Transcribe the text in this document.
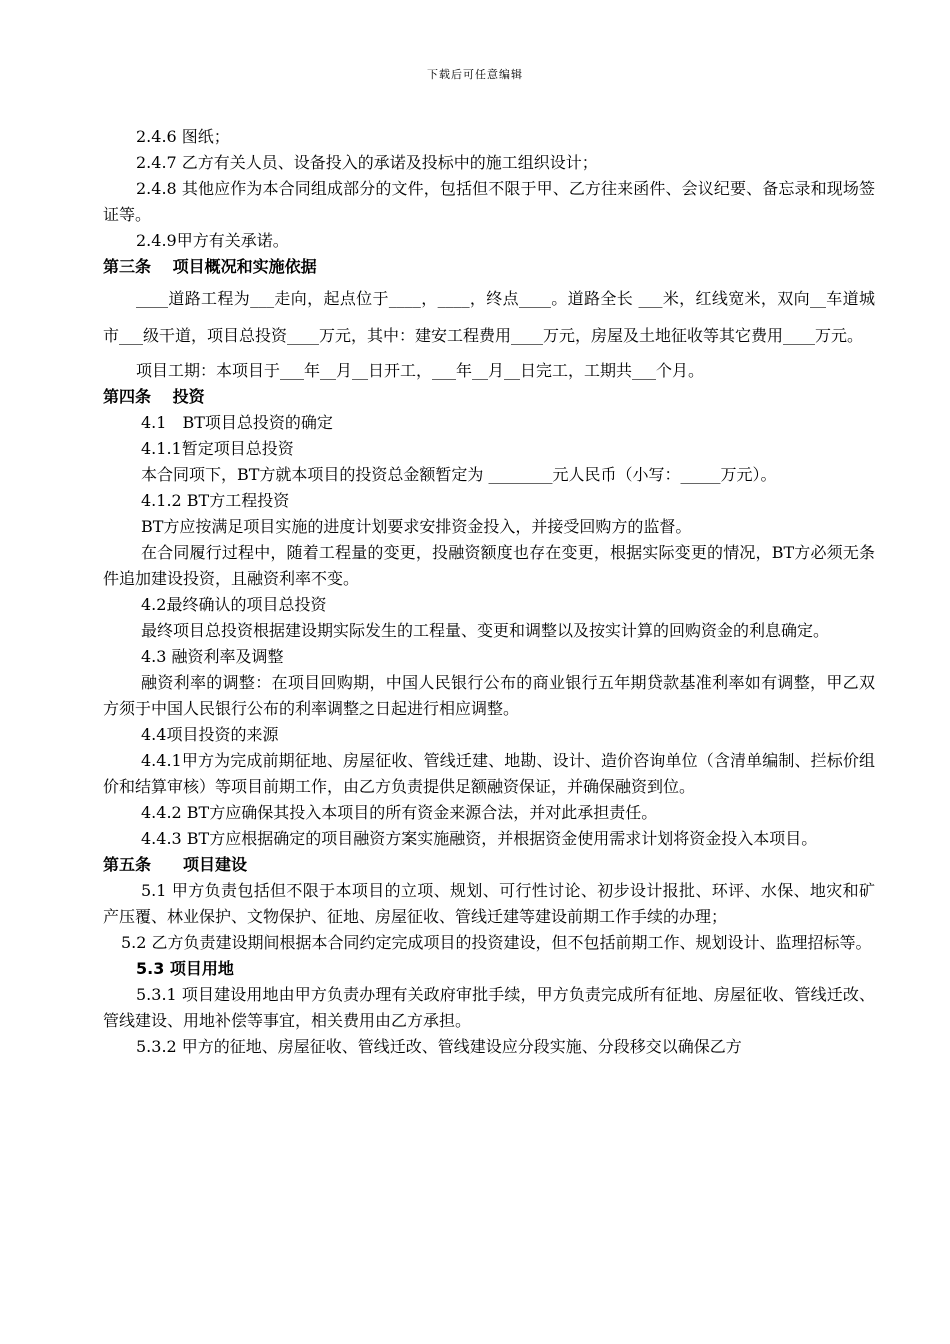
下载后可任意编辑

2.4.6 图纸；

2.4.7 乙方有关人员、设备投入的承诺及投标中的施工组织设计；

2.4.8 其他应作为本合同组成部分的文件，包括但不限于甲、乙方往来函件、会议纪要、备忘录和现场签证等。

2.4.9甲方有关承诺。

第三条　 项目概况和实施依据

____道路工程为___走向，起点位于____，____，终点____。道路全长 ___米，红线宽米，双向__车道城市___级干道，项目总投资____万元，其中：建安工程费用____万元，房屋及土地征收等其它费用____万元。

项目工期：本项目于___年__月__日开工，___年__月__日完工，工期共___个月。

第四条　 投资

4.1　BT项目总投资的确定

4.1.1暂定项目总投资

本合同项下，BT方就本项目的投资总金额暂定为 ________元人民币（小写：_____万元）。

4.1.2 BT方工程投资

BT方应按满足项目实施的进度计划要求安排资金投入，并接受回购方的监督。

在合同履行过程中，随着工程量的变更，投融资额度也存在变更，根据实际变更的情况，BT方必须无条件追加建设投资，且融资利率不变。

4.2最终确认的项目总投资

最终项目总投资根据建设期实际发生的工程量、变更和调整以及按实计算的回购资金的利息确定。

4.3 融资利率及调整

融资利率的调整：在项目回购期，中国人民银行公布的商业银行五年期贷款基准利率如有调整，甲乙双方须于中国人民银行公布的利率调整之日起进行相应调整。

4.4项目投资的来源

4.4.1甲方为完成前期征地、房屋征收、管线迁建、地勘、设计、造价咨询单位（含清单编制、拦标价组价和结算审核）等项目前期工作，由乙方负责提供足额融资保证，并确保融资到位。

4.4.2 BT方应确保其投入本项目的所有资金来源合法，并对此承担责任。

4.4.3 BT方应根据确定的项目融资方案实施融资，并根据资金使用需求计划将资金投入本项目。

第五条　　项目建设

5.1 甲方负责包括但不限于本项目的立项、规划、可行性讨论、初步设计报批、环评、水保、地灾和矿产压覆、林业保护、文物保护、征地、房屋征收、管线迁建等建设前期工作手续的办理；

5.2 乙方负责建设期间根据本合同约定完成项目的投资建设，但不包括前期工作、规划设计、监理招标等。

5.3 项目用地

5.3.1 项目建设用地由甲方负责办理有关政府审批手续，甲方负责完成所有征地、房屋征收、管线迁改、管线建设、用地补偿等事宜，相关费用由乙方承担。

5.3.2 甲方的征地、房屋征收、管线迁改、管线建设应分段实施、分段移交以确保乙方
